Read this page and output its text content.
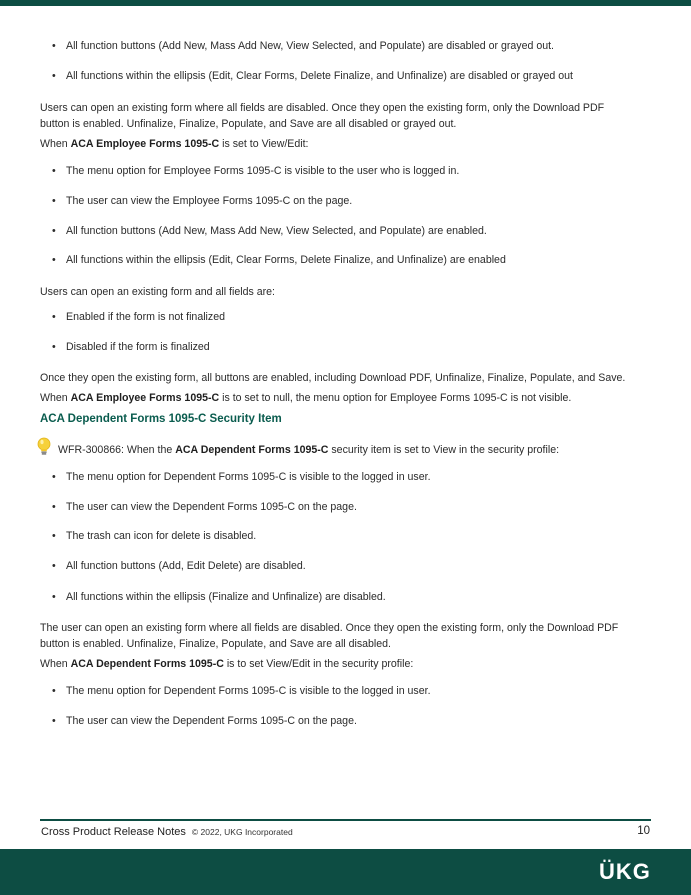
• All function buttons (Add New, Mass Add New, View Selected, and Populate) are disabled or grayed out.
• All functions within the ellipsis (Edit, Clear Forms, Delete Finalize, and Unfinalize) are disabled or grayed out
Users can open an existing form where all fields are disabled. Once they open the existing form, only the Download PDF
button is enabled. Unfinalize, Finalize, Populate, and Save are all disabled or grayed out.
When ACA Employee Forms 1095-C is set to View/Edit:
• The menu option for Employee Forms 1095-C is visible to the user who is logged in.
• The user can view the Employee Forms 1095-C on the page.
• All function buttons (Add New, Mass Add New, View Selected, and Populate) are enabled.
• All functions within the ellipsis (Edit, Clear Forms, Delete Finalize, and Unfinalize) are enabled
Users can open an existing form and all fields are:
• Enabled if the form is not finalized
• Disabled if the form is finalized
Once they open the existing form, all buttons are enabled, including Download PDF, Unfinalize, Finalize, Populate, and Save.
When ACA Employee Forms 1095-C is to set to null, the menu option for Employee Forms 1095-C is not visible.
ACA Dependent Forms 1095-C Security Item
WFR-300866: When the ACA Dependent Forms 1095-C security item is set to View in the security profile:
• The menu option for Dependent Forms 1095-C is visible to the logged in user.
• The user can view the Dependent Forms 1095-C on the page.
• The trash can icon for delete is disabled.
• All function buttons (Add, Edit Delete) are disabled.
• All functions within the ellipsis (Finalize and Unfinalize) are disabled.
The user can open an existing form where all fields are disabled. Once they open the existing form, only the Download PDF
button is enabled. Unfinalize, Finalize, Populate, and Save are all disabled.
When ACA Dependent Forms 1095-C is to set View/Edit in the security profile:
• The menu option for Dependent Forms 1095-C is visible to the logged in user.
• The user can view the Dependent Forms 1095-C on the page.
Cross Product Release Notes © 2022, UKG Incorporated	10
ÜKG
